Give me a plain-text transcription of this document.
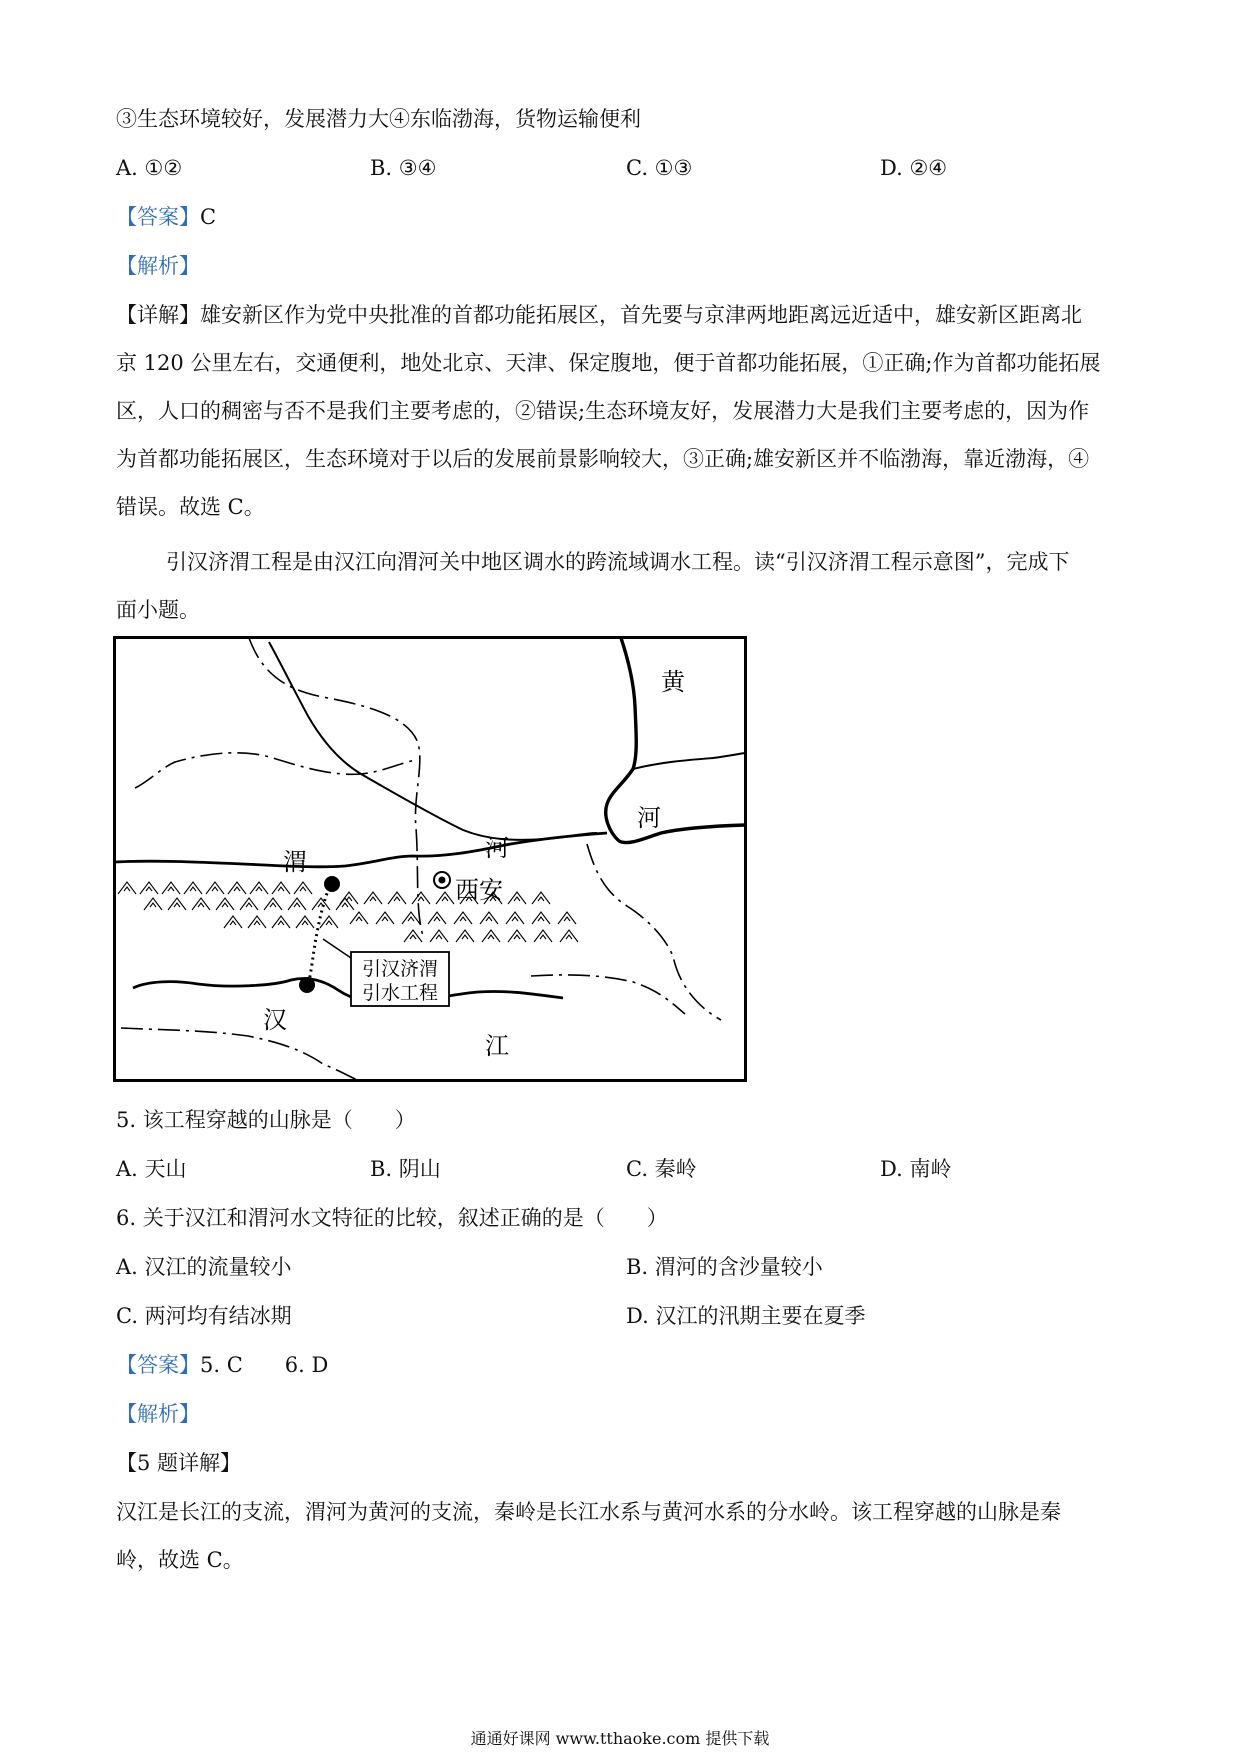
③生态环境较好，发展潜力大④东临渤海，货物运输便利
A. ①②	B. ③④	C. ①③	D. ②④
【答案】C
【解析】
【详解】雄安新区作为党中央批准的首都功能拓展区，首先要与京津两地距离远近适中，雄安新区距离北
京 120 公里左右，交通便利，地处北京、天津、保定腹地，便于首都功能拓展，①正确;作为首都功能拓展
区，人口的稠密与否不是我们主要考虑的，②错误;生态环境友好，发展潜力大是我们主要考虑的，因为作
为首都功能拓展区，生态环境对于以后的发展前景影响较大，③正确;雄安新区并不临渤海，靠近渤海，④
错误。故选 C。
引汉济渭工程是由汉江向渭河关中地区调水的跨流域调水工程。读“引汉济渭工程示意图”，完成下
面小题。
引汉济渭
引水工程
黄
河
渭
河
西安
汉
江
5. 该工程穿越的山脉是（　　）
A. 天山	B. 阴山	C. 秦岭	D. 南岭
6. 关于汉江和渭河水文特征的比较，叙述正确的是（　　）
A. 汉江的流量较小	B. 渭河的含沙量较小
C. 两河均有结冰期	D. 汉江的汛期主要在夏季
【答案】5. C　　6. D
【解析】
【5 题详解】
汉江是长江的支流，渭河为黄河的支流，秦岭是长江水系与黄河水系的分水岭。该工程穿越的山脉是秦
岭，故选 C。
通通好课网 www.tthaoke.com 提供下载
